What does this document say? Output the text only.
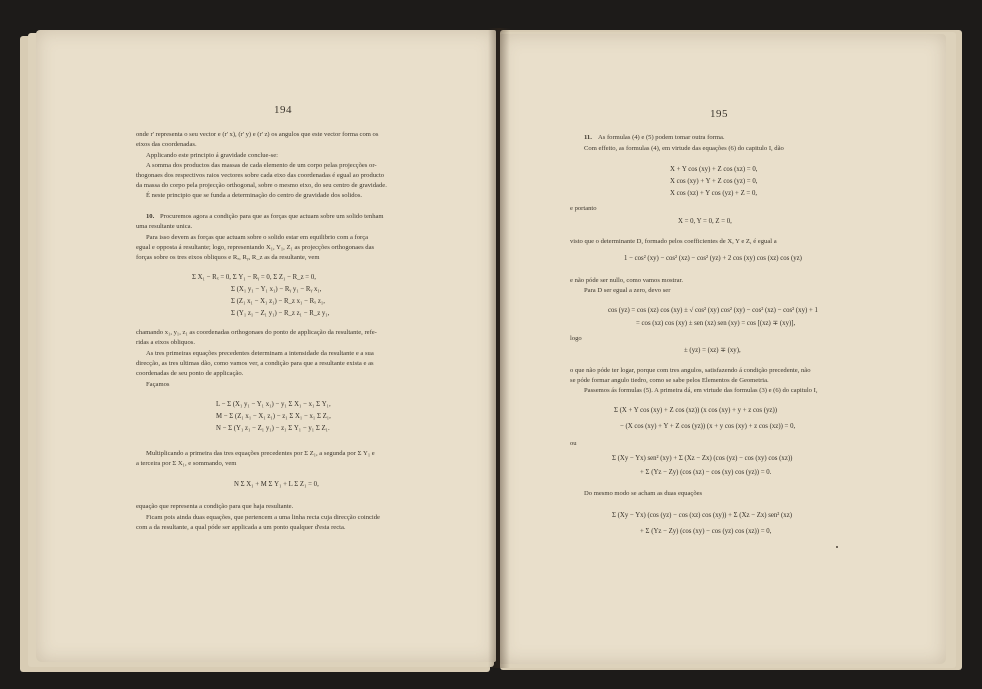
194
onde r' representa o seu vector e (r' x), (r' y) e (r' z) os angulos que este vector forma com os
eixos das coordenadas.
Applicando este principio á gravidade conclue-se:
A somma dos productos das massas de cada elemento de um corpo pelas projecções or-
thogonaes dos respectivos raios vectores sobre cada eixo das coordenadas é egual ao producto
da massa do corpo pela projecção orthogonal, sobre o mesmo eixo, do seu centro de gravidade.
É neste principio que se funda a determinação do centro de gravidade dos solidos.
10. Procuremos agora a condição para que as forças que actuam sobre um solido tenham
uma resultante unica.
Para isso devem as forças que actuam sobre o solido estar em equilibrio com a força
egual e opposta á resultante; logo, representando X₁, Y₁, Z₁ as projecções orthogonaes das
forças sobre os tres eixos obliquos e Rₓ, Rᵧ, R_z as da resultante, vem
Σ X₁ − Rₓ = 0, Σ Y₁ − Rᵧ = 0, Σ Z₁ − R_z = 0,
Σ (X₁ y₁ − Y₁ x₁) − Rᵧ y₁ − Rᵧ x₁,
Σ (Z₁ x₁ − X₁ z₁) − R_z x₁ − Rₓ z₁,
Σ (Y₁ z₁ − Z₁ y₁) − R_z z₁ − R_z y₁,
chamando x₁, y₁, z₁ as coordenadas orthogonaes do ponto de applicação da resultante, refe-
ridas a eixos obliquos.
As tres primeiras equações precedentes determinam a intensidade da resultante e a sua
direcção, as tres ultimas dão, como vamos ver, a condição para que a resultante exista e as
coordenadas de seu ponto de applicação.
Façamos
L − Σ (X₁ y₁ − Y₁ x₁) − y₁ Σ X₁ − x₁ Σ Y₁,
M − Σ (Z₁ x₁ − X₁ z₁) − z₁ Σ X₁ − x₁ Σ Z₁,
N − Σ (Y₁ z₁ − Z₁ y₁) − z₁ Σ Y₁ − y₁ Σ Z₁.
Multiplicando a primeira das tres equações precedentes por Σ Z₁, a segunda por Σ Y₁ e
a terceira por Σ X₁, e sommando, vem
N Σ X₁ + M Σ Y₁ + L Σ Z₁ = 0,
equação que representa a condição para que haja resultante.
Ficam pois ainda duas equações, que pertencem a uma linha recta cuja direcção coincide
com a da resultante, a qual póde ser applicada a um ponto qualquer d'esta recta.
195
11. As formulas (4) e (5) podem tomar outra forma.
Com effeito, as formulas (4), em virtude das equações (6) do capitulo I, dão
X + Y cos (xy) + Z cos (xz) = 0,
X cos (xy) + Y + Z cos (yz) = 0,
X cos (xz) + Y cos (yz) + Z = 0,
e portanto
X = 0, Y = 0, Z = 0,
visto que o determinante D, formado pelos coefficientes de X, Y e Z, é egual a
1 − cos² (xy) − cos² (xz) − cos² (yz) + 2 cos (xy) cos (xz) cos (yz)
e não póde ser nullo, como vamos mostrar.
Para D ser egual a zero, devo ser
cos (yz) = cos (xz) cos (xy) ± √ cos² (xy) cos² (xy) − cos² (xz) − cos² (xy) + 1
= cos (xz) cos (xy) ± sen (xz) sen (xy) = cos [(xz) ∓ (xy)],
logo
± (yz) = (xz) ∓ (xy),
o que não póde ter logar, porque com tres angulos, satisfazendo á condição precedente, não
se póde formar angulo tiedro, como se sabe pelos Elementos de Geometria.
Passemos ás formulas (5). A primeira dá, em virtude das formulas (3) e (6) do capitulo I,
Σ (X + Y cos (xy) + Z cos (xz)) (x cos (xy) + y + z cos (yz))
− (X cos (xy) + Y + Z cos (yz)) (x + y cos (xy) + z cos (xz)) = 0,
ou
Σ (Xy − Yx) sen² (xy) + Σ (Xz − Zx) (cos (yz) − cos (xy) cos (xz))
+ Σ (Yz − Zy) (cos (xz) − cos (xy) cos (yz)) = 0.
Do mesmo modo se acham as duas equações
Σ (Xy − Yx) (cos (yz) − cos (xz) cos (xy)) + Σ (Xz − Zx) sen² (xz)
+ Σ (Yz − Zy) (cos (xy) − cos (yz) cos (xz)) = 0,
